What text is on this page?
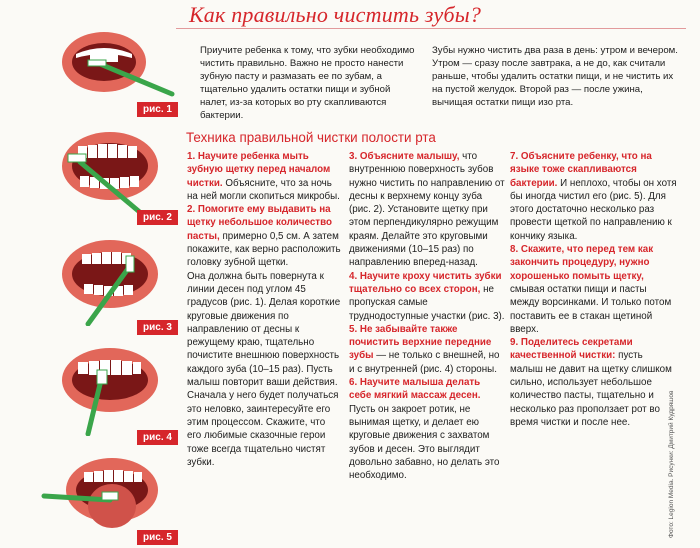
рис. 1
рис. 2
рис. 3
рис. 4
рис. 5
Как правильно чистить зубы?
Приучите ребенка к тому, что зубки необходимо чистить правильно. Важно не просто нанести зубную пасту и размазать ее по зубам, а тщательно удалить остатки пищи и зубной налет, из-за которых во рту скапливаются бактерии.
Зубы нужно чистить два раза в день: утром и вечером. Утром — сразу после завтрака, а не до, как считали раньше, чтобы удалить остатки пищи, и не чистить их на пустой желудок. Второй раз — после ужина, вычищая остатки пищи изо рта.
Техника правильной чистки полости рта
1. Научите ребенка мыть зубную щетку перед началом чистки. Объясните, что за ночь на ней могли скопиться микробы.
2. Помогите ему выдавить на щетку небольшое количество пасты, примерно 0,5 см. А затем покажите, как верно расположить головку зубной щетки.
Она должна быть повернута к линии десен под углом 45 градусов (рис. 1). Делая короткие круговые движения по направлению от десны к режущему краю, тщательно почистите внешнюю поверхность каждого зуба (10–15 раз). Пусть малыш повторит ваши действия. Сначала у него будет получаться это неловко, заинтересуйте его этим процессом. Скажите, что его любимые сказочные герои тоже всегда тщательно чистят зубки.
3. Объясните малышу, что внутреннюю поверхность зубов нужно чистить по направлению от десны к верхнему концу зуба (рис. 2). Установите щетку при этом перпендикулярно режущим краям. Делайте это круговыми движениями (10–15 раз) по направлению вперед-назад.
4. Научите кроху чистить зубки тщательно со всех сторон, не пропуская самые труднодоступные участки (рис. 3).
5. Не забывайте также почистить верхние передние зубы — не только с внешней, но и с внутренней (рис. 4) стороны.
6. Научите малыша делать себе мягкий массаж десен. Пусть он закроет ротик, не вынимая щетку, и делает ею круговые движения с захватом зубов и десен. Это выглядит довольно забавно, но делать это необходимо.
7. Объясните ребенку, что на языке тоже скапливаются бактерии. И неплохо, чтобы он хотя бы иногда чистил его (рис. 5). Для этого достаточно несколько раз провести щеткой по направлению к кончику языка.
8. Скажите, что перед тем как закончить процедуру, нужно хорошенько помыть щетку, смывая остатки пищи и пасты между ворсинками. И только потом поставить ее в стакан щетиной вверх.
9. Поделитесь секретами качественной чистки: пусть малыш не давит на щетку слишком сильно, использует небольшое количество пасты, тщательно и несколько раз проползает рот во время чистки и после нее.	Фото: Legion Media. Рисунки: Дмитрий Кудряшов
